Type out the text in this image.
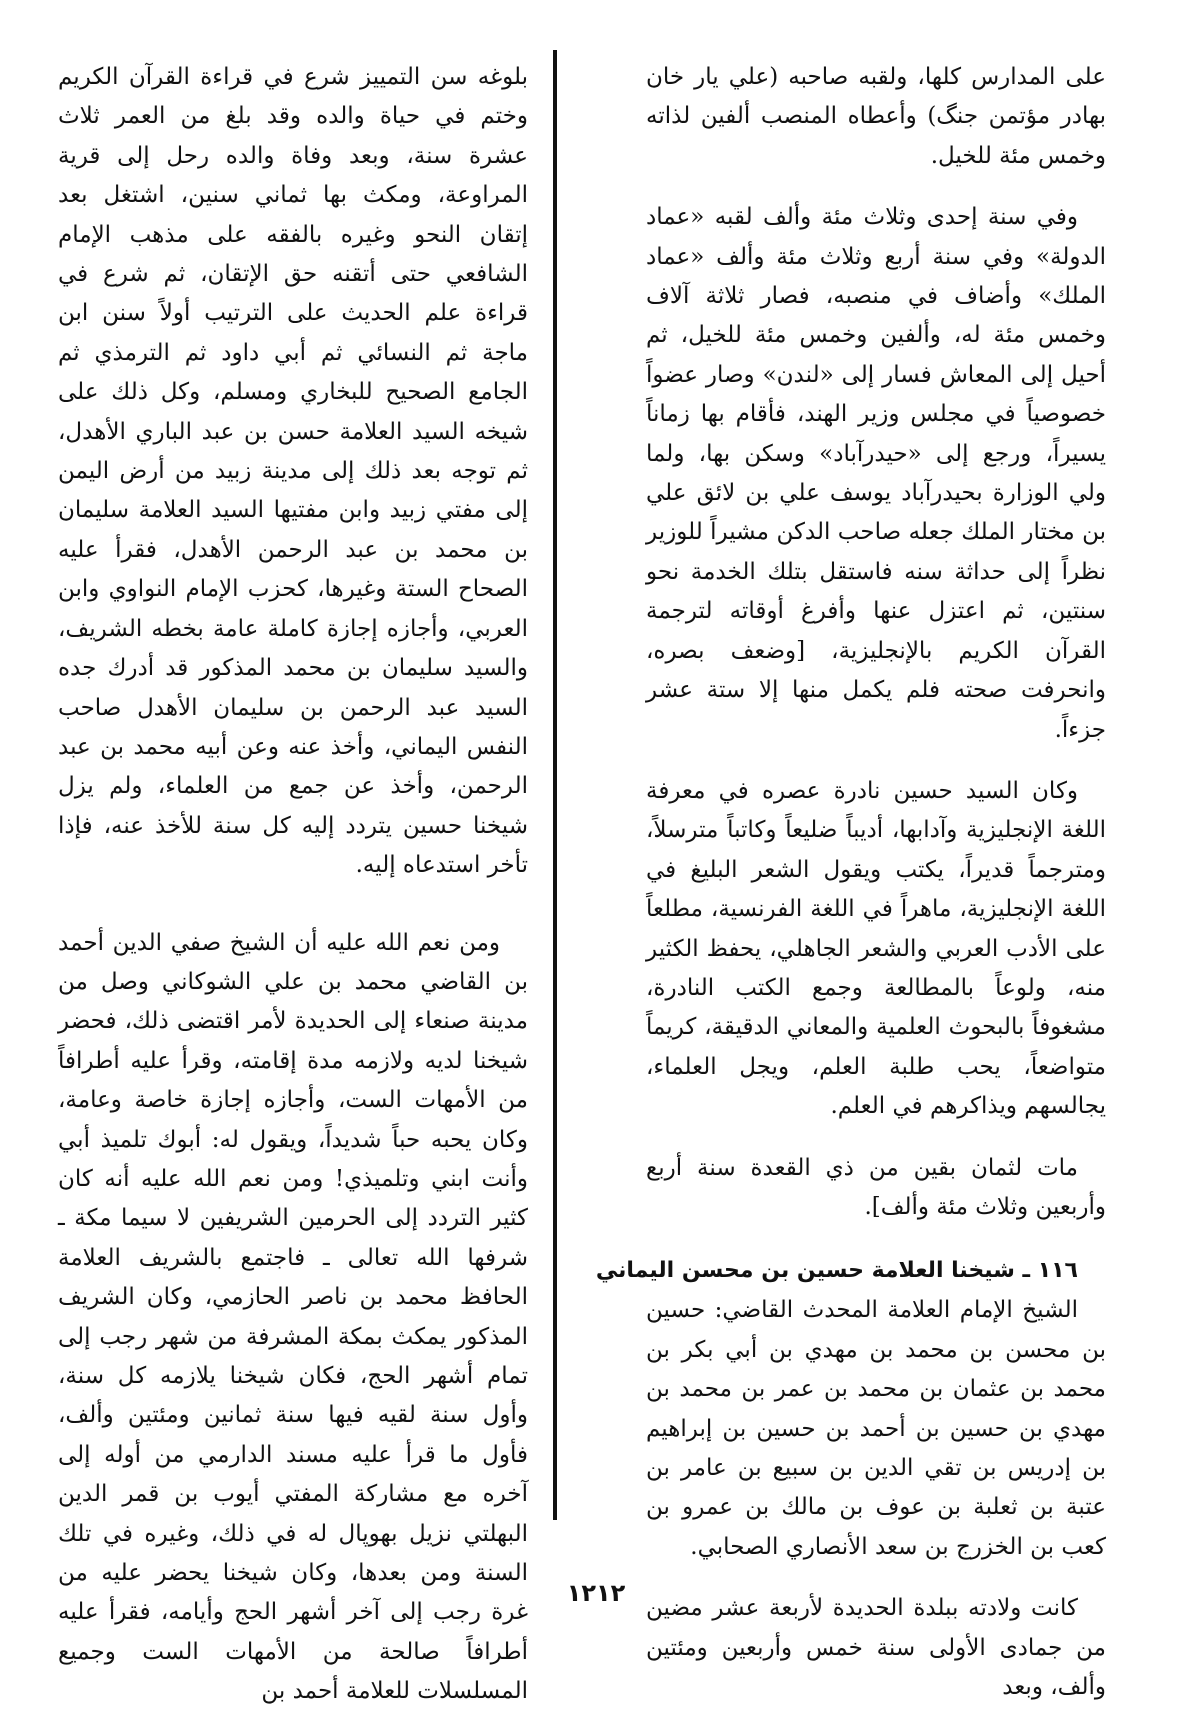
على المدارس كلها، ولقبه صاحبه (علي يار خان بهادر مؤتمن جنگ) وأعطاه المنصب ألفين لذاته وخمس مئة للخيل.

وفي سنة إحدى وثلاث مئة وألف لقبه «عماد الدولة» وفي سنة أربع وثلاث مئة وألف «عماد الملك» وأضاف في منصبه، فصار ثلاثة آلاف وخمس مئة له، وألفين وخمس مئة للخيل، ثم أحيل إلى المعاش فسار إلى «لندن» وصار عضواً خصوصياً في مجلس وزير الهند، فأقام بها زماناً يسيراً، ورجع إلى «حيدرآباد» وسكن بها، ولما ولي الوزارة بحيدرآباد يوسف علي بن لائق علي بن مختار الملك جعله صاحب الدكن مشيراً للوزير نظراً إلى حداثة سنه فاستقل بتلك الخدمة نحو سنتين، ثم اعتزل عنها وأفرغ أوقاته لترجمة القرآن الكريم بالإنجليزية، [وضعف بصره، وانحرفت صحته فلم يكمل منها إلا ستة عشر جزءاً.

وكان السيد حسين نادرة عصره في معرفة اللغة الإنجليزية وآدابها، أديباً ضليعاً وكاتباً مترسلاً، ومترجماً قديراً، يكتب ويقول الشعر البليغ في اللغة الإنجليزية، ماهراً في اللغة الفرنسية، مطلعاً على الأدب العربي والشعر الجاهلي، يحفظ الكثير منه، ولوعاً بالمطالعة وجمع الكتب النادرة، مشغوفاً بالبحوث العلمية والمعاني الدقيقة، كريماً متواضعاً، يحب طلبة العلم، ويجل العلماء، يجالسهم ويذاكرهم في العلم.

مات لثمان بقين من ذي القعدة سنة أربع وأربعين وثلاث مئة وألف].

١١٦ ـ شيخنا العلامة حسين بن محسن اليماني

الشيخ الإمام العلامة المحدث القاضي: حسين بن محسن بن محمد بن مهدي بن أبي بكر بن محمد بن عثمان بن محمد بن عمر بن محمد بن مهدي بن حسين بن أحمد بن حسين بن إبراهيم بن إدريس بن تقي الدين بن سبيع بن عامر بن عتبة بن ثعلبة بن عوف بن مالك بن عمرو بن كعب بن الخزرج بن سعد الأنصاري الصحابي.

كانت ولادته ببلدة الحديدة لأربعة عشر مضين من جمادى الأولى سنة خمس وأربعين ومئتين وألف، وبعد

بلوغه سن التمييز شرع في قراءة القرآن الكريم وختم في حياة والده وقد بلغ من العمر ثلاث عشرة سنة، وبعد وفاة والده رحل إلى قرية المراوعة، ومكث بها ثماني سنين، اشتغل بعد إتقان النحو وغيره بالفقه على مذهب الإمام الشافعي حتى أتقنه حق الإتقان، ثم شرع في قراءة علم الحديث على الترتيب أولاً سنن ابن ماجة ثم النسائي ثم أبي داود ثم الترمذي ثم الجامع الصحيح للبخاري ومسلم، وكل ذلك على شيخه السيد العلامة حسن بن عبد الباري الأهدل، ثم توجه بعد ذلك إلى مدينة زبيد من أرض اليمن إلى مفتي زبيد وابن مفتيها السيد العلامة سليمان بن محمد بن عبد الرحمن الأهدل، فقرأ عليه الصحاح الستة وغيرها، كحزب الإمام النواوي وابن العربي، وأجازه إجازة كاملة عامة بخطه الشريف، والسيد سليمان بن محمد المذكور قد أدرك جده السيد عبد الرحمن بن سليمان الأهدل صاحب النفس اليماني، وأخذ عنه وعن أبيه محمد بن عبد الرحمن، وأخذ عن جمع من العلماء، ولم يزل شيخنا حسين يتردد إليه كل سنة للأخذ عنه، فإذا تأخر استدعاه إليه.

ومن نعم الله عليه أن الشيخ صفي الدين أحمد بن القاضي محمد بن علي الشوكاني وصل من مدينة صنعاء إلى الحديدة لأمر اقتضى ذلك، فحضر شيخنا لديه ولازمه مدة إقامته، وقرأ عليه أطرافاً من الأمهات الست، وأجازه إجازة خاصة وعامة، وكان يحبه حباً شديداً، ويقول له: أبوك تلميذ أبي وأنت ابني وتلميذي! ومن نعم الله عليه أنه كان كثير التردد إلى الحرمين الشريفين لا سيما مكة ـ شرفها الله تعالى ـ فاجتمع بالشريف العلامة الحافظ محمد بن ناصر الحازمي، وكان الشريف المذكور يمكث بمكة المشرفة من شهر رجب إلى تمام أشهر الحج، فكان شيخنا يلازمه كل سنة، وأول سنة لقيه فيها سنة ثمانين ومئتين وألف، فأول ما قرأ عليه مسند الدارمي من أوله إلى آخره مع مشاركة المفتي أيوب بن قمر الدين البهلتي نزيل بهوپال له في ذلك، وغيره في تلك السنة ومن بعدها، وكان شيخنا يحضر عليه من غرة رجب إلى آخر أشهر الحج وأيامه، فقرأ عليه أطرافاً صالحة من الأمهات الست وجميع المسلسلات للعلامة أحمد بن

١٢١٢
